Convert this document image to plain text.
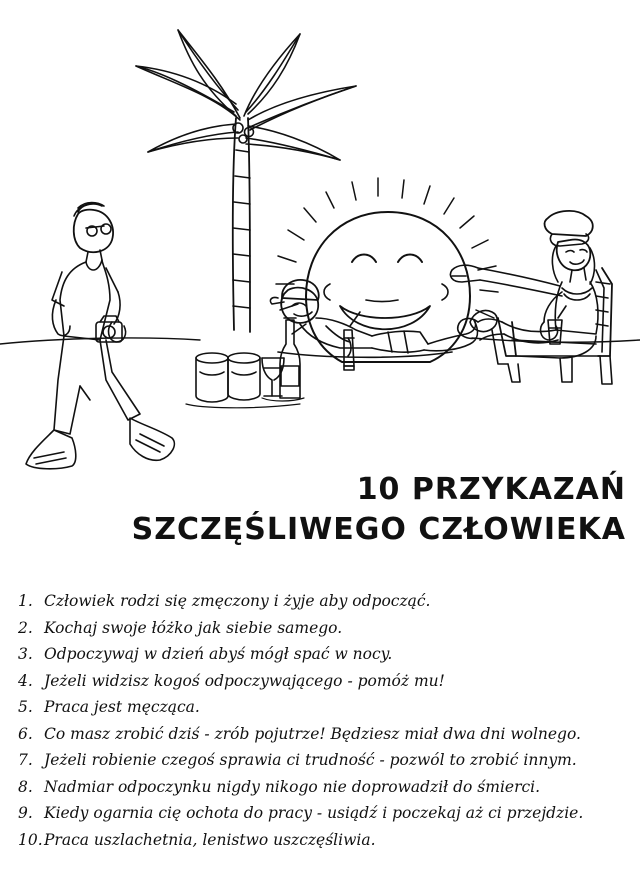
10 PRZYKAZAŃ
SZCZĘŚLIWEGO CZŁOWIEKA
1. Człowiek rodzi się zmęczony i żyje aby odpocząć.
2. Kochaj swoje łóżko jak siebie samego.
3. Odpoczywaj w dzień abyś mógł spać w nocy.
4. Jeżeli widzisz kogoś odpoczywającego - pomóż mu!
5. Praca jest męcząca.
6. Co masz zrobić dziś - zrób pojutrze! Będziesz miał dwa dni wolnego.
7. Jeżeli robienie czegoś sprawia ci trudność - pozwól to zrobić innym.
8. Nadmiar odpoczynku nigdy nikogo nie doprowadził do śmierci.
9. Kiedy ogarnia cię ochota do pracy - usiądź i poczekaj aż ci przejdzie.
10. Praca uszlachetnia, lenistwo uszczęśliwia.
